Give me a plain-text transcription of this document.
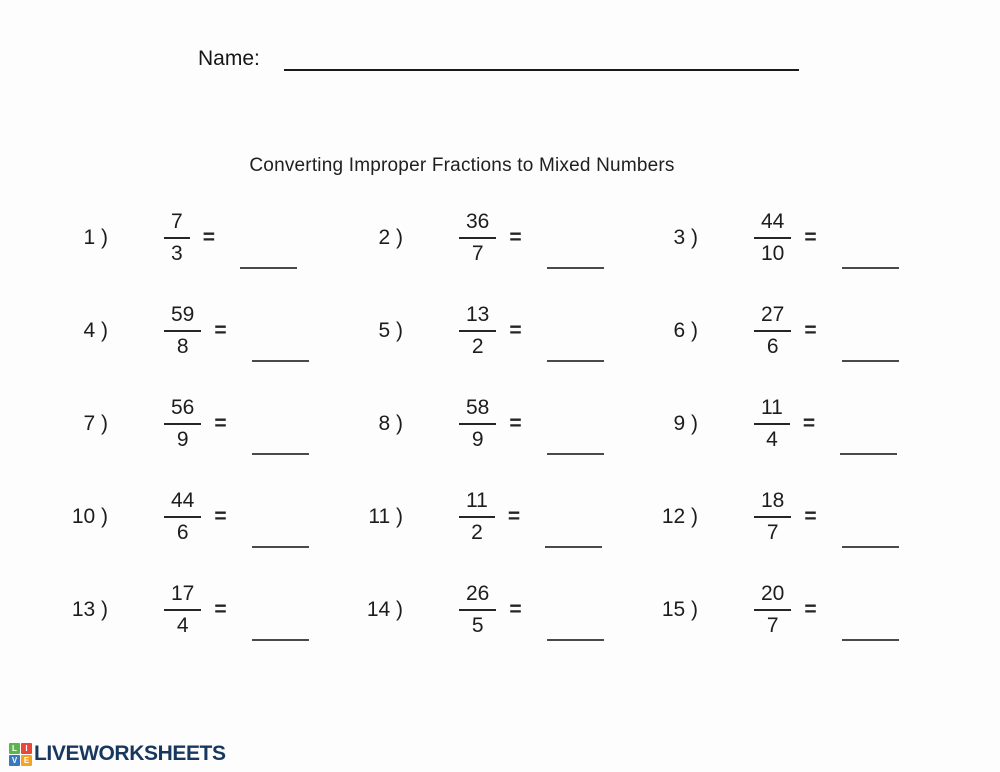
Name:
Converting Improper Fractions to Mixed Numbers
1 )	$\frac{7}{3}$ =	2 )	$\frac{36}{7}$ =	3 )	$\frac{44}{10}$ =
4 )	$\frac{59}{8}$ =	5 )	$\frac{13}{2}$ =	6 )	$\frac{27}{6}$ =
7 )	$\frac{56}{9}$ =	8 )	$\frac{58}{9}$ =	9 )	$\frac{11}{4}$ =
10 )	$\frac{44}{6}$ =	11 )	$\frac{11}{2}$ =	12 )	$\frac{18}{7}$ =
13 )	$\frac{17}{4}$ =	14 )	$\frac{26}{5}$ =	15 )	$\frac{20}{7}$ =
L	I
V E LIVEWORKSHEETS
